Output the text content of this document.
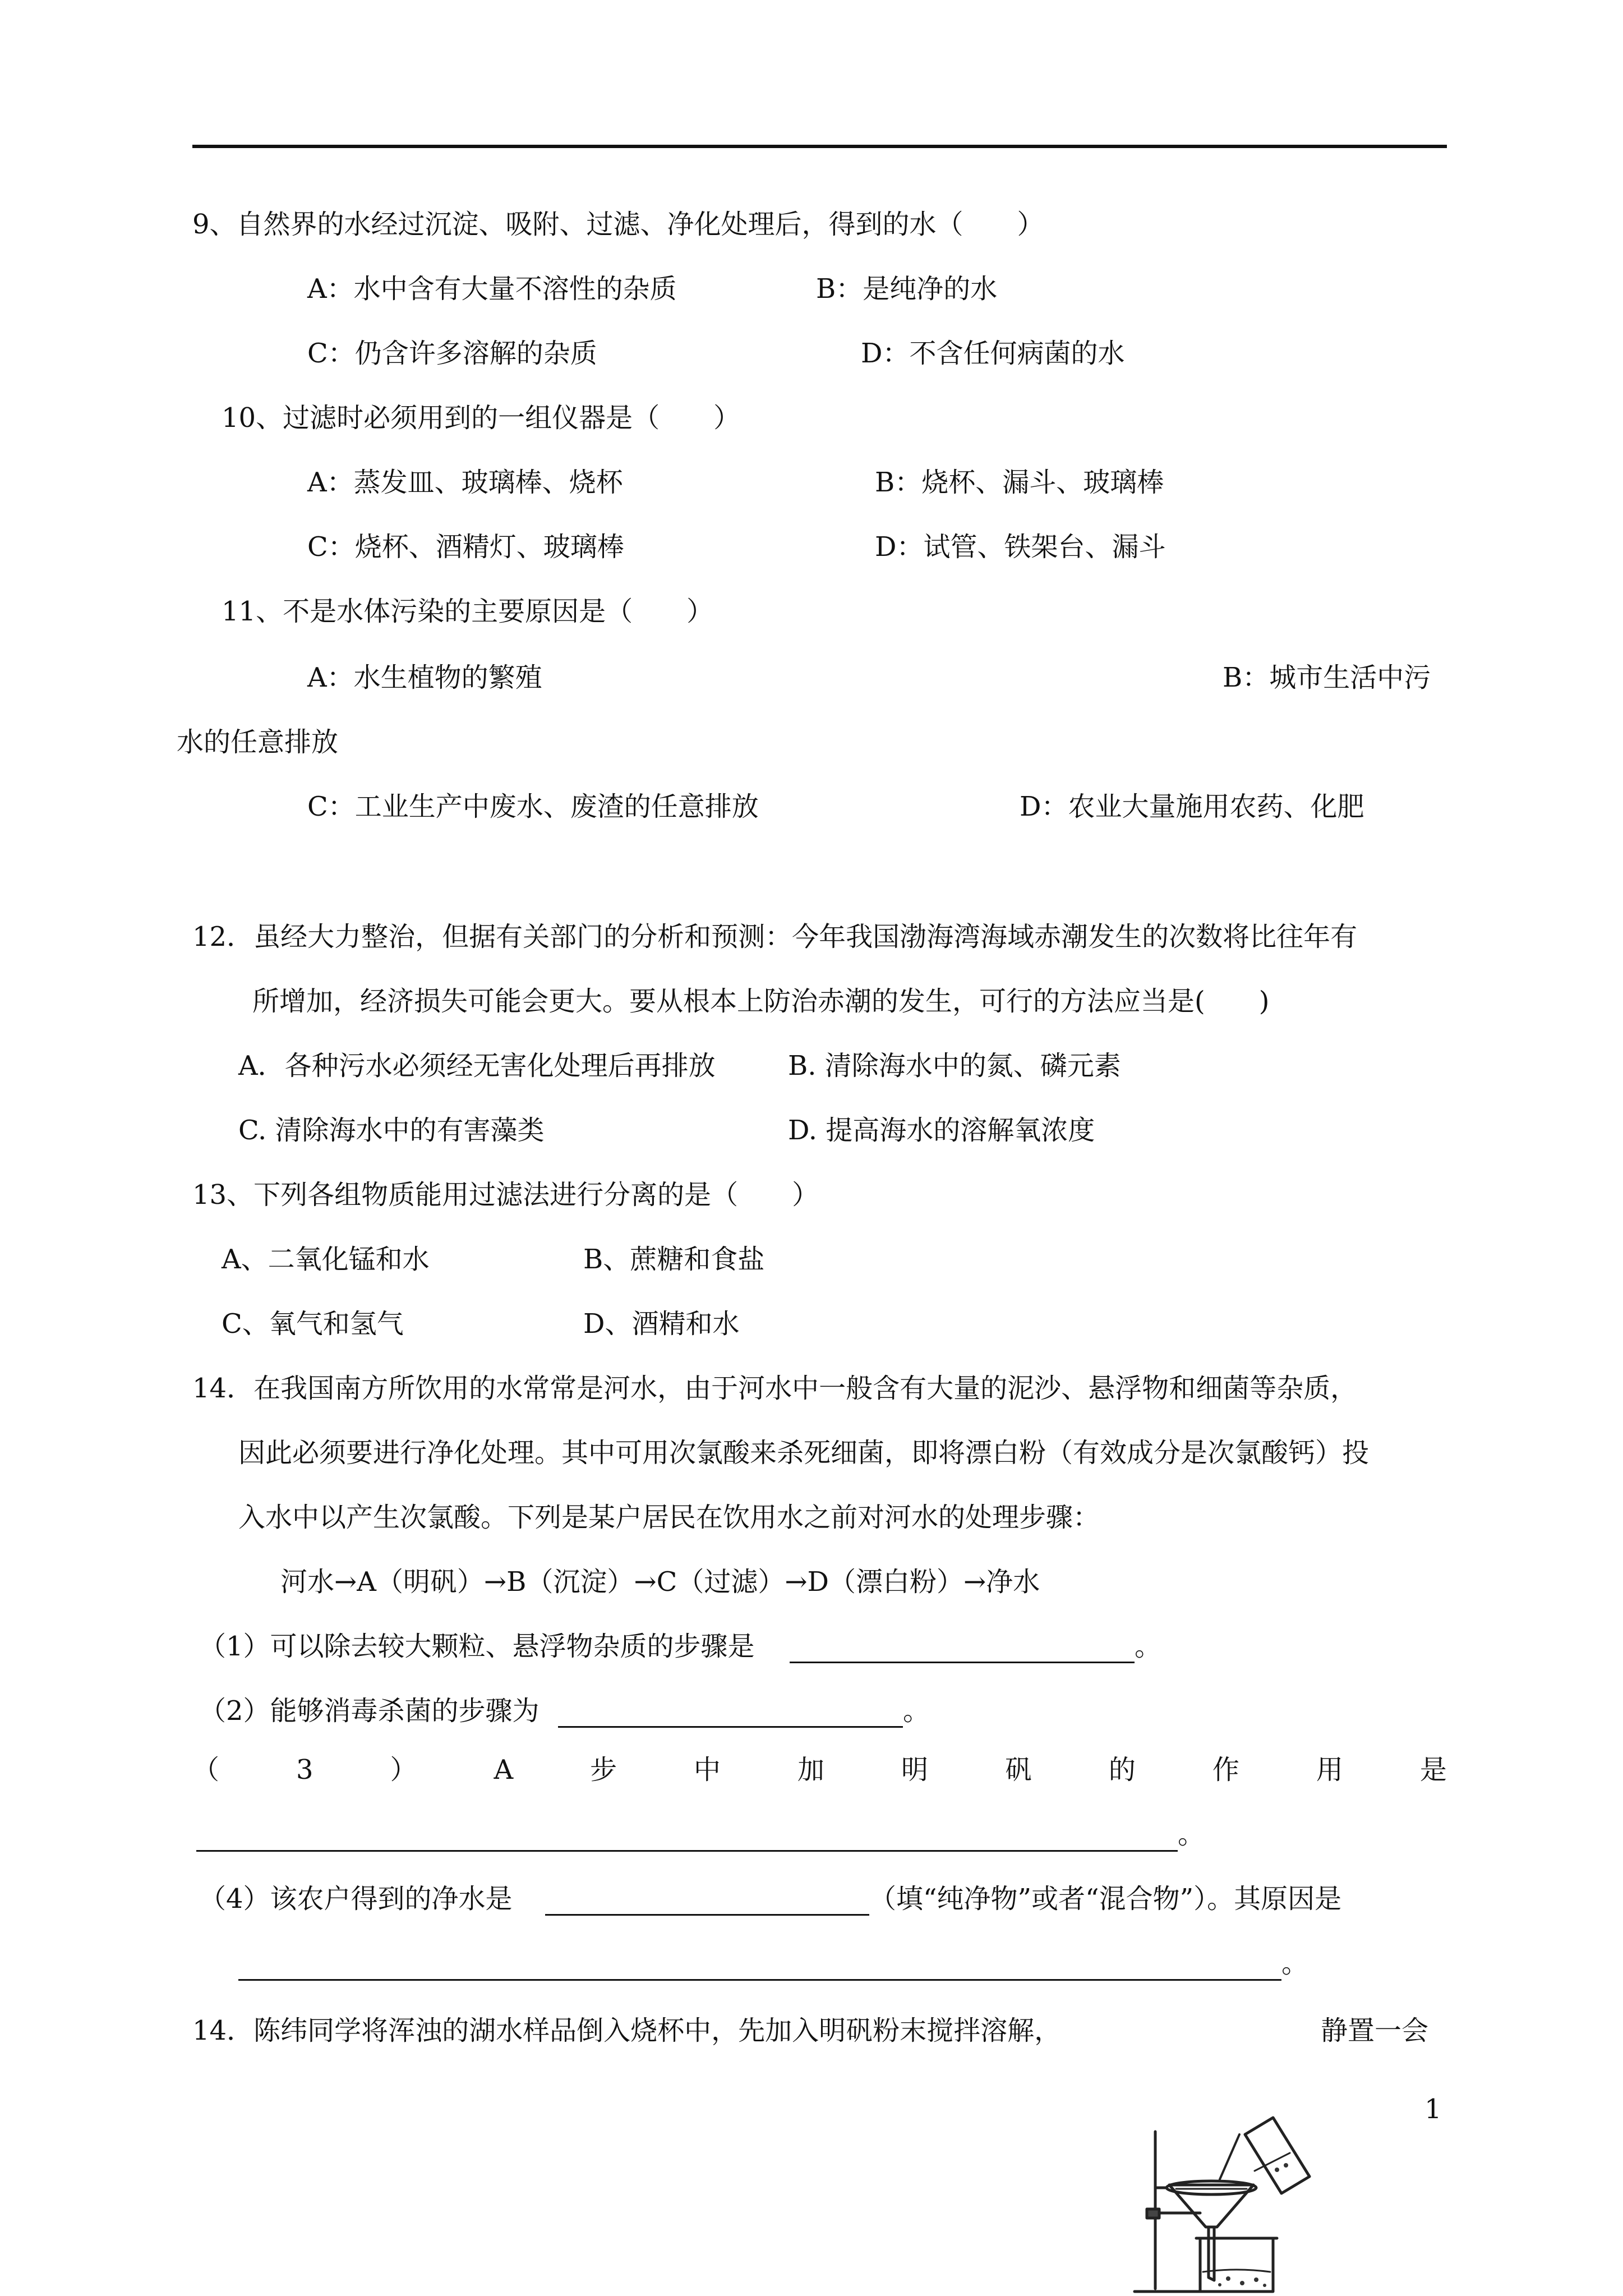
9、自然界的水经过沉淀、吸附、过滤、净化处理后，得到的水（　　）
A：水中含有大量不溶性的杂质	B：是纯净的水
C：仍含许多溶解的杂质	D：不含任何病菌的水
10、过滤时必须用到的一组仪器是（　　）
A：蒸发皿、玻璃棒、烧杯	B：烧杯、漏斗、玻璃棒
C：烧杯、酒精灯、玻璃棒	D：试管、铁架台、漏斗
11、不是水体污染的主要原因是（　　）
A：水生植物的繁殖	B：城市生活中污
水的任意排放
C：工业生产中废水、废渣的任意排放	D：农业大量施用农药、化肥
12．虽经大力整治，但据有关部门的分析和预测：今年我国渤海湾海域赤潮发生的次数将比往年有
所增加，经济损失可能会更大。要从根本上防治赤潮的发生，可行的方法应当是(　　)
A．各种污水必须经无害化处理后再排放	B. 清除海水中的氮、磷元素
C. 清除海水中的有害藻类	D. 提高海水的溶解氧浓度
13、下列各组物质能用过滤法进行分离的是（　　）
A、二氧化锰和水	B、蔗糖和食盐
C、氧气和氢气	D、酒精和水
14．在我国南方所饮用的水常常是河水，由于河水中一般含有大量的泥沙、悬浮物和细菌等杂质，
因此必须要进行净化处理。其中可用次氯酸来杀死细菌，即将漂白粉（有效成分是次氯酸钙）投
入水中以产生次氯酸。下列是某户居民在饮用水之前对河水的处理步骤：
河水→A（明矾）→B（沉淀）→C（过滤）→D（漂白粉）→净水
（1）可以除去较大颗粒、悬浮物杂质的步骤是	。
（2）能够消毒杀菌的步骤为	。
（	3	）	A	步	中	加	明	矾	的	作	用	是
。
（4）该农户得到的净水是	（填“纯净物”或者“混合物”）。其原因是
。
14．陈纬同学将浑浊的湖水样品倒入烧杯中，先加入明矾粉末搅拌溶解，	静置一会
1
